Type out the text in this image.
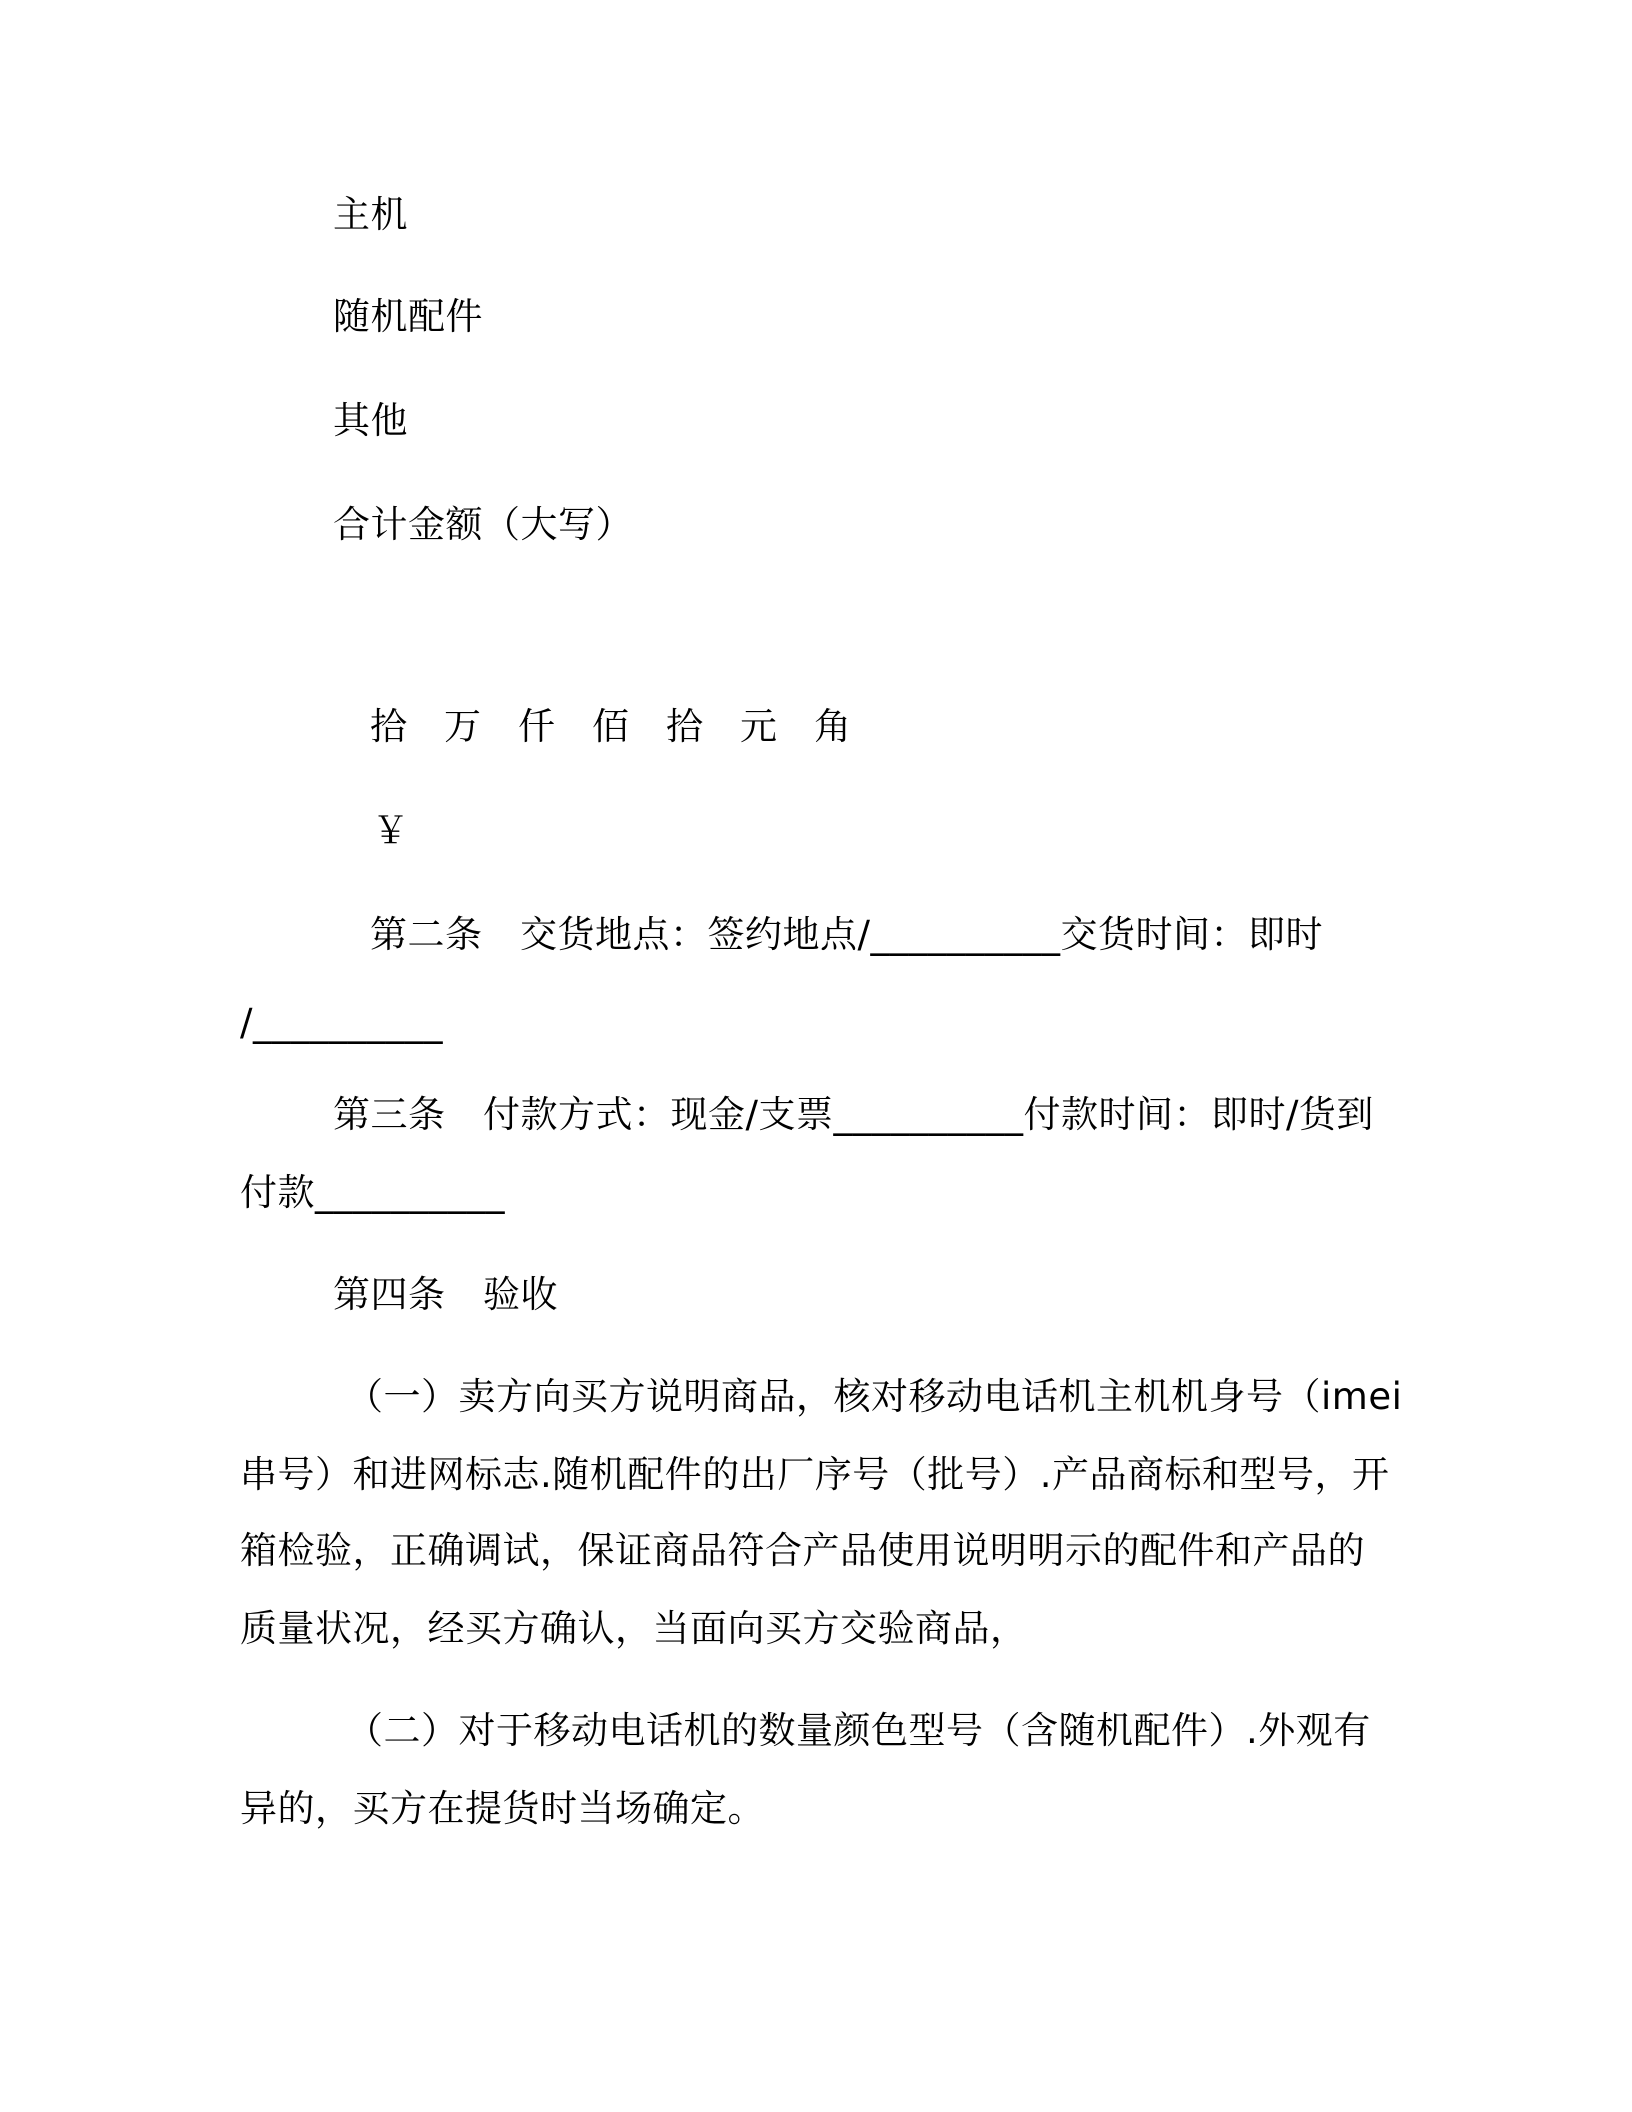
主机
随机配件
其他
合计金额（大写）
拾 万 仟 佰 拾 元 角
￥
第二条　交货地点：签约地点/__________交货时间：即时
/__________
第三条　付款方式：现金/支票__________付款时间：即时/货到
付款__________
第四条　验收
（一）卖方向买方说明商品，核对移动电话机主机机身号（imei
串号）和进网标志.随机配件的出厂序号（批号）.产品商标和型号，开
箱检验，正确调试，保证商品符合产品使用说明明示的配件和产品的
质量状况，经买方确认，当面向买方交验商品，
（二）对于移动电话机的数量颜色型号（含随机配件）.外观有
异的，买方在提货时当场确定。
